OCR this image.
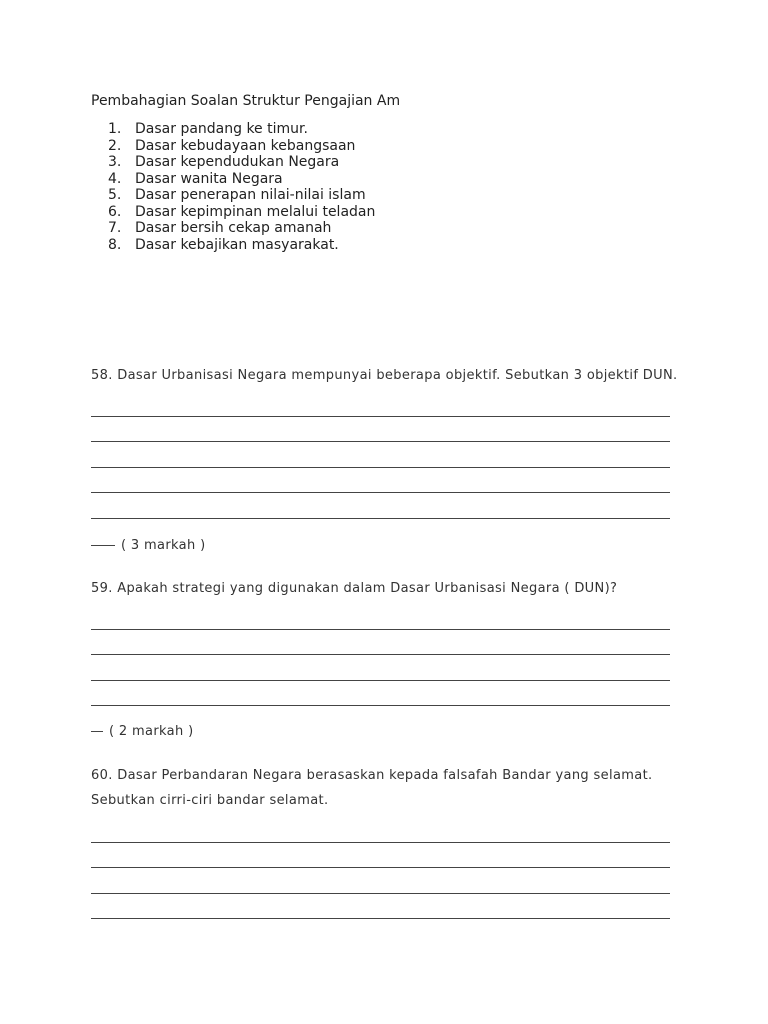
Pembahagian Soalan Struktur Pengajian Am
1. Dasar pandang ke timur.
2. Dasar kebudayaan kebangsaan
3. Dasar kependudukan Negara
4. Dasar wanita Negara
5. Dasar penerapan nilai-nilai islam
6. Dasar kepimpinan melalui teladan
7. Dasar bersih cekap amanah
8. Dasar kebajikan masyarakat.
58. Dasar Urbanisasi Negara mempunyai beberapa objektif. Sebutkan 3 objektif DUN.
( 3 markah )
59. Apakah strategi yang digunakan dalam Dasar Urbanisasi Negara ( DUN)?
( 2 markah )
60. Dasar Perbandaran Negara berasaskan kepada falsafah Bandar yang selamat.
Sebutkan cirri-ciri bandar selamat.
